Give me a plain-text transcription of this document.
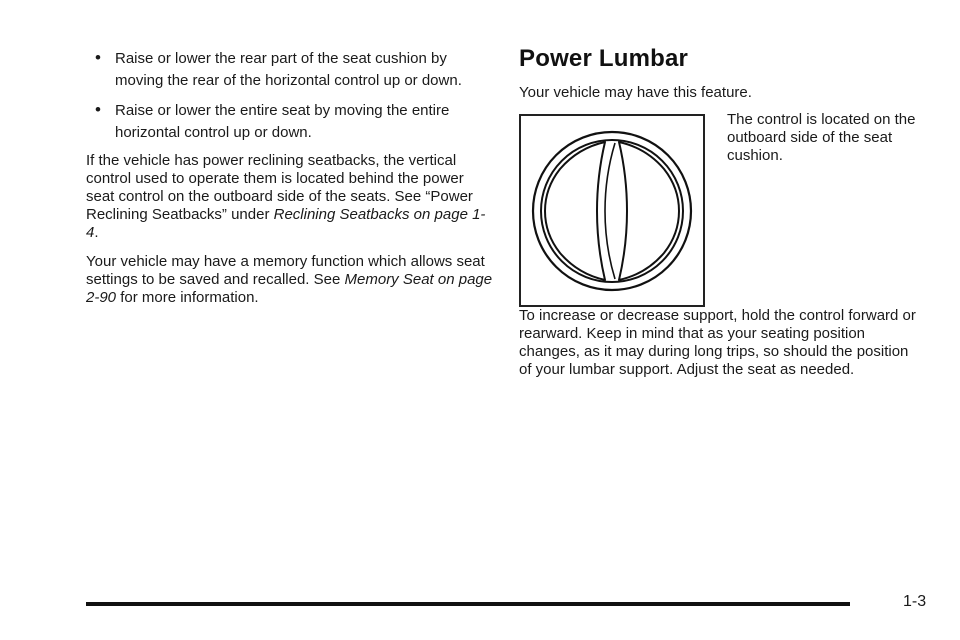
• Raise or lower the rear part of the seat cushion by moving the rear of the horizontal control up or down.
• Raise or lower the entire seat by moving the entire horizontal control up or down.

If the vehicle has power reclining seatbacks, the vertical control used to operate them is located behind the power seat control on the outboard side of the seats. See “Power Reclining Seatbacks” under Reclining Seatbacks on page 1-4.

Your vehicle may have a memory function which allows seat settings to be saved and recalled. See Memory Seat on page 2-90 for more information.

Power Lumbar

Your vehicle may have this feature.

The control is located on the outboard side of the seat cushion.

To increase or decrease support, hold the control forward or rearward. Keep in mind that as your seating position changes, as it may during long trips, so should the position of your lumbar support. Adjust the seat as needed.

1-3
